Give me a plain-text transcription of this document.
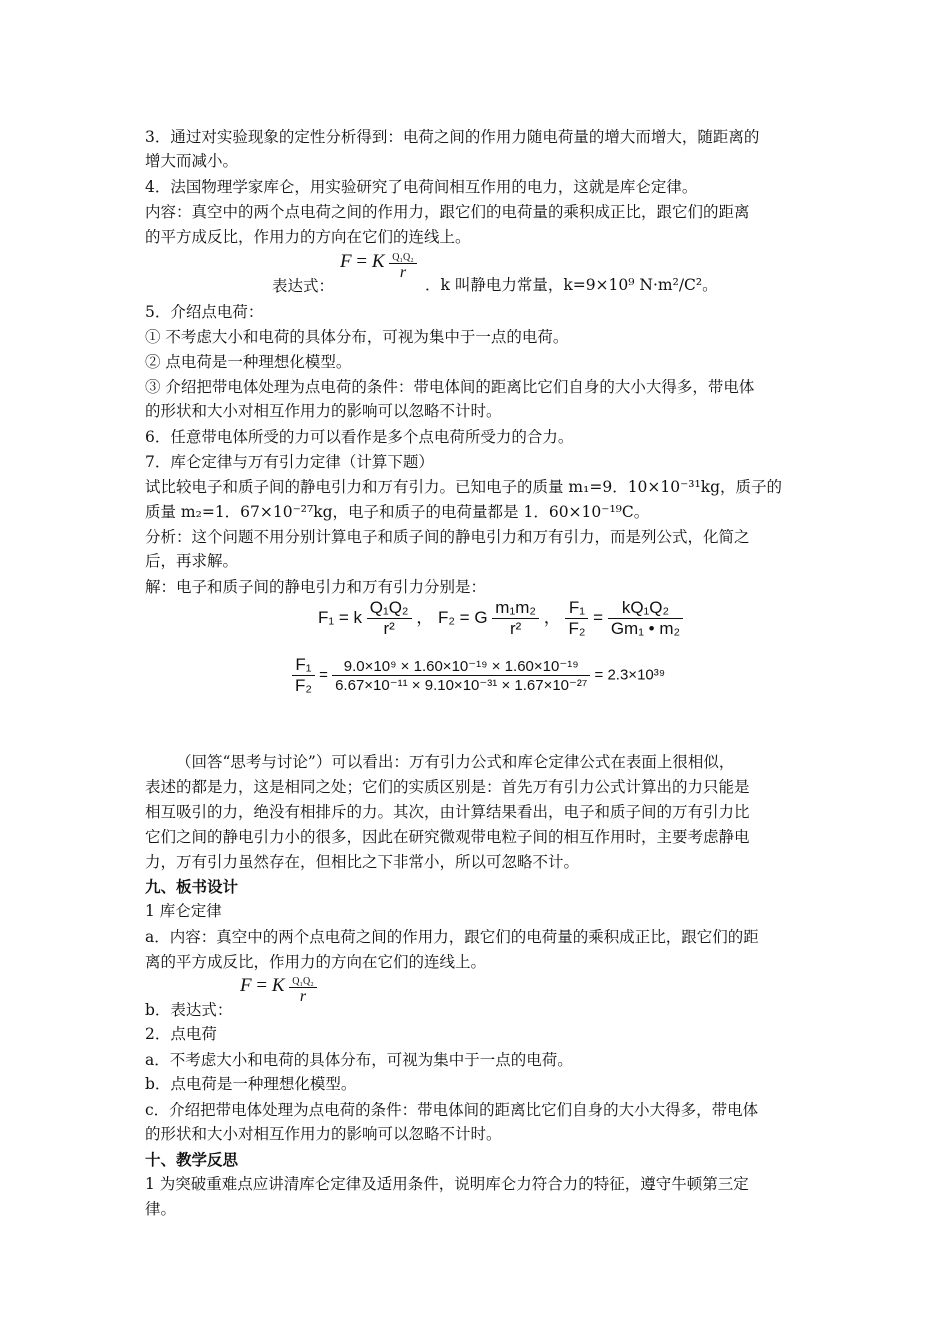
3．通过对实验现象的定性分析得到：电荷之间的作用力随电荷量的增大而增大，随距离的
增大而减小。
4．法国物理学家库仑，用实验研究了电荷间相互作用的电力，这就是库仑定律。
内容：真空中的两个点电荷之间的作用力，跟它们的电荷量的乘积成正比，跟它们的距离
的平方成反比，作用力的方向在它们的连线上。
表达式：
F = K $\frac{\text{Q₁Q₂}}{r}$
．k 叫静电力常量，k=9×10⁹ N·m²/C²。
5．介绍点电荷：
① 不考虑大小和电荷的具体分布，可视为集中于一点的电荷。
② 点电荷是一种理想化模型。
③ 介绍把带电体处理为点电荷的条件：带电体间的距离比它们自身的大小大得多，带电体
的形状和大小对相互作用力的影响可以忽略不计时。
6．任意带电体所受的力可以看作是多个点电荷所受力的合力。
7．库仑定律与万有引力定律（计算下题）
试比较电子和质子间的静电引力和万有引力。已知电子的质量 m₁=9．10×10⁻³¹kg，质子的
质量 m₂=1．67×10⁻²⁷kg，电子和质子的电荷量都是 1．60×10⁻¹⁹C。
分析：这个问题不用分别计算电子和质子间的静电引力和万有引力，而是列公式，化简之
后，再求解。
解：电子和质子间的静电引力和万有引力分别是：
F₁ = k $\frac{\text{Q₁Q₂}}{\text{r²}}$ ， F₂ = G $\frac{\text{m₁m₂}}{\text{r²}}$ ， $\frac{\text{F₁}}{\text{F₂}} = \frac{\text{kQ₁Q₂}}{\text{Gm₁ • m₂}}$
$\frac{\text{F₁}}{\text{F₂}} = \frac{\text{9.0×10⁹ × 1.60×10⁻¹⁹ × 1.60×10⁻¹⁹}}{\text{6.67×10⁻¹¹ × 9.10×10⁻³¹ × 1.67×10⁻²⁷}} = 2.3\times 10^{39}$
（回答“思考与讨论”）可以看出：万有引力公式和库仑定律公式在表面上很相似，
表述的都是力，这是相同之处；它们的实质区别是：首先万有引力公式计算出的力只能是
相互吸引的力，绝没有相排斥的力。其次，由计算结果看出，电子和质子间的万有引力比
它们之间的静电引力小的很多，因此在研究微观带电粒子间的相互作用时，主要考虑静电
力，万有引力虽然存在，但相比之下非常小，所以可忽略不计。
九、板书设计
1 库仑定律
a．内容：真空中的两个点电荷之间的作用力，跟它们的电荷量的乘积成正比，跟它们的距
离的平方成反比，作用力的方向在它们的连线上。
b．表达式：
F = K $\frac{\text{Q₁Q₂}}{r}$
2．点电荷
a．不考虑大小和电荷的具体分布，可视为集中于一点的电荷。
b．点电荷是一种理想化模型。
c．介绍把带电体处理为点电荷的条件：带电体间的距离比它们自身的大小大得多，带电体
的形状和大小对相互作用力的影响可以忽略不计时。
十、教学反思
1 为突破重难点应讲清库仑定律及适用条件，说明库仑力符合力的特征，遵守牛顿第三定
律。
